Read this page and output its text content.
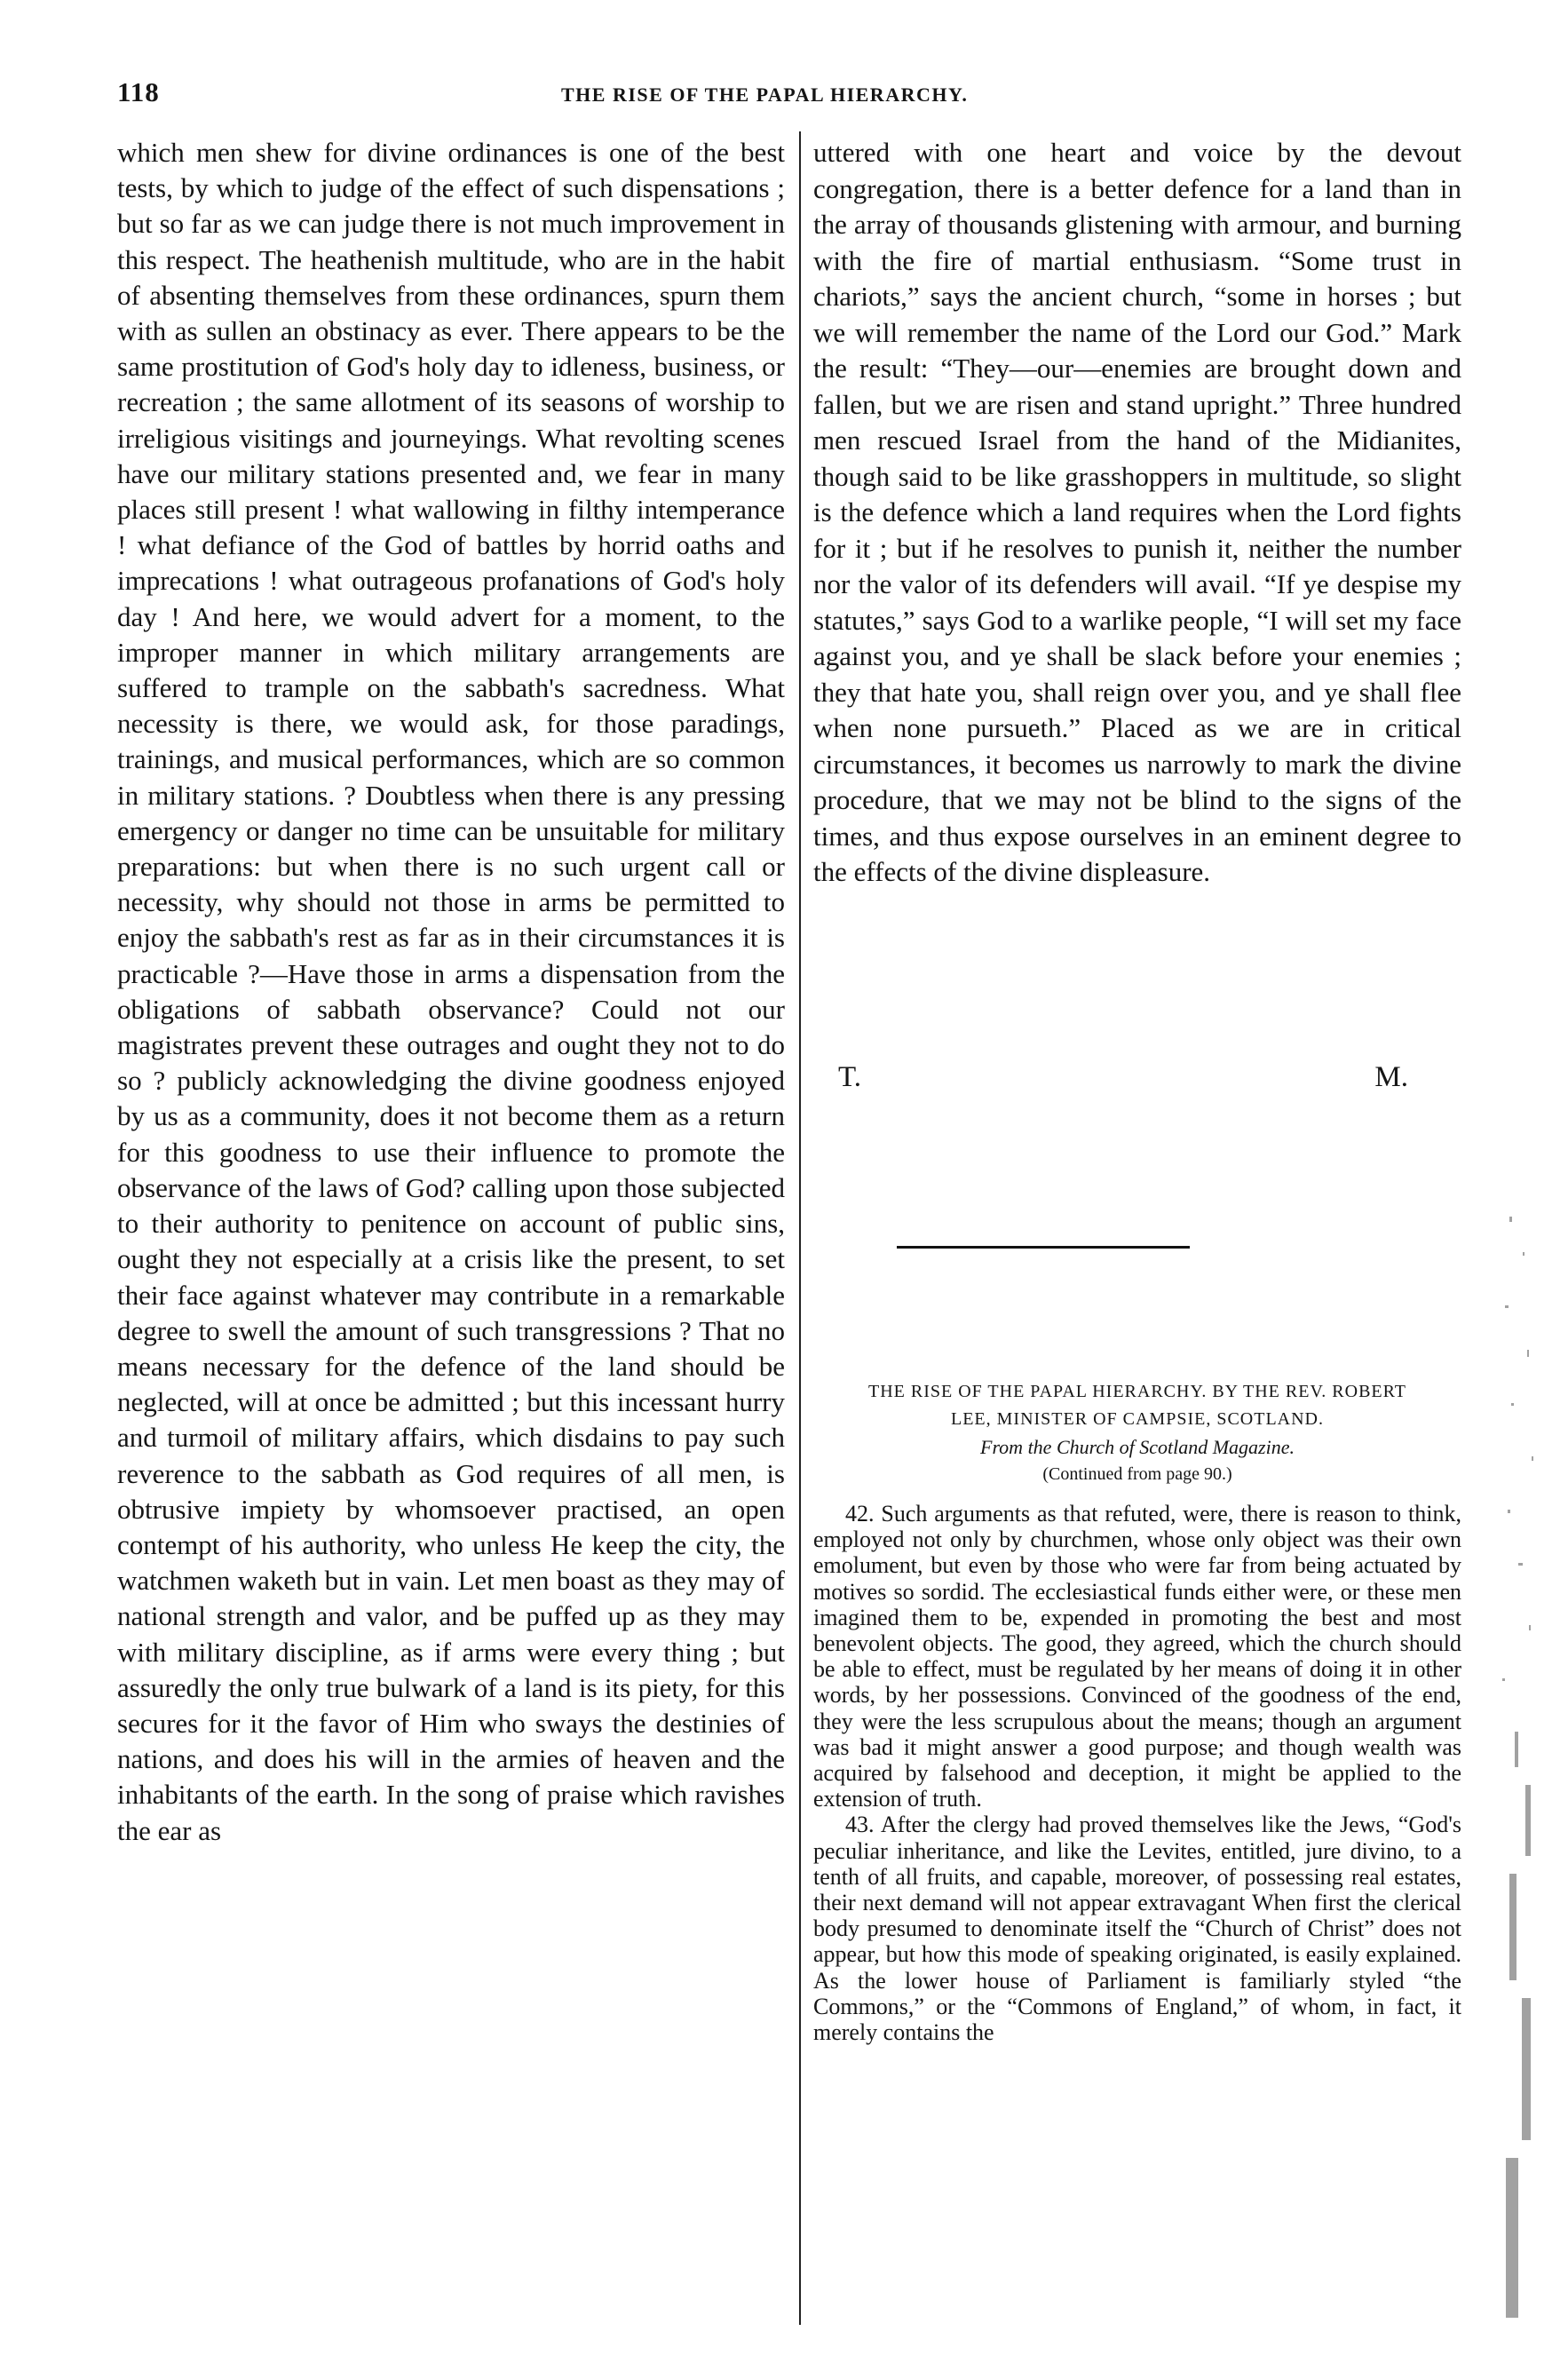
118	THE RISE OF THE PAPAL HIERARCHY.

which men shew for divine ordinances is one of the best tests, by which to judge of the effect of such dispensations ; but so far as we can judge there is not much improvement in this respect. The heathenish multitude, who are in the habit of absenting themselves from these ordinances, spurn them with as sullen an obstinacy as ever. There appears to be the same prostitution of God's holy day to idleness, business, or recreation ; the same allotment of its seasons of worship to irreligious visitings and journeyings. What revolting scenes have our military stations presented and, we fear in many places still present ! what wallowing in filthy intemperance ! what defiance of the God of battles by horrid oaths and imprecations ! what outrageous profanations of God's holy day ! And here, we would advert for a moment, to the improper manner in which military arrangements are suffered to trample on the sabbath's sacredness. What necessity is there, we would ask, for those paradings, trainings, and musical performances, which are so common in military stations. ? Doubtless when there is any pressing emergency or danger no time can be unsuitable for military preparations: but when there is no such urgent call or necessity, why should not those in arms be permitted to enjoy the sabbath's rest as far as in their circumstances it is practicable ?—Have those in arms a dispensation from the obligations of sabbath observance? Could not our magistrates prevent these outrages and ought they not to do so ? publicly acknowledging the divine goodness enjoyed by us as a community, does it not become them as a return for this goodness to use their influence to promote the observance of the laws of God? calling upon those subjected to their authority to penitence on account of public sins, ought they not especially at a crisis like the present, to set their face against whatever may contribute in a remarkable degree to swell the amount of such transgressions ? That no means necessary for the defence of the land should be neglected, will at once be admitted ; but this incessant hurry and turmoil of military affairs, which disdains to pay such reverence to the sabbath as God requires of all men, is obtrusive impiety by whomsoever practised, an open contempt of his authority, who unless He keep the city, the watchmen waketh but in vain. Let men boast as they may of national strength and valor, and be puffed up as they may with military discipline, as if arms were every thing ; but assuredly the only true bulwark of a land is its piety, for this secures for it the favor of Him who sways the destinies of nations, and does his will in the armies of heaven and the inhabitants of the earth. In the song of praise which ravishes the ear as

uttered with one heart and voice by the devout congregation, there is a better defence for a land than in the array of thousands glistening with armour, and burning with the fire of martial enthusiasm. “Some trust in chariots,” says the ancient church, “some in horses ; but we will remember the name of the Lord our God.” Mark the result: “They—our—enemies are brought down and fallen, but we are risen and stand upright.” Three hundred men rescued Israel from the hand of the Midianites, though said to be like grasshoppers in multitude, so slight is the defence which a land requires when the Lord fights for it ; but if he resolves to punish it, neither the number nor the valor of its defenders will avail. “If ye despise my statutes,” says God to a warlike people, “I will set my face against you, and ye shall be slack before your enemies ; they that hate you, shall reign over you, and ye shall flee when none pursueth.” Placed as we are in critical circumstances, it becomes us narrowly to mark the divine procedure, that we may not be blind to the signs of the times, and thus expose ourselves in an eminent degree to the effects of the divine displeasure.

T.	M.
THE RISE OF THE PAPAL HIERARCHY. BY THE REV. ROBERT
LEE, MINISTER OF CAMPSIE, SCOTLAND.
From the Church of Scotland Magazine.
(Continued from page 90.)

42. Such arguments as that refuted, were, there is reason to think, employed not only by churchmen, whose only object was their own emolument, but even by those who were far from being actuated by motives so sordid. The ecclesiastical funds either were, or these men imagined them to be, expended in promoting the best and most benevolent objects. The good, they agreed, which the church should be able to effect, must be regulated by her means of doing it in other words, by her possessions. Convinced of the goodness of the end, they were the less scrupulous about the means; though an argument was bad it might answer a good purpose; and though wealth was acquired by falsehood and deception, it might be applied to the extension of truth.

43. After the clergy had proved themselves like the Jews, “God's peculiar inheritance, and like the Levites, entitled, jure divino, to a tenth of all fruits, and capable, moreover, of possessing real estates, their next demand will not appear extravagant When first the clerical body presumed to denominate itself the “Church of Christ” does not appear, but how this mode of speaking originated, is easily explained. As the lower house of Parliament is familiarly styled “the Commons,” or the “Commons of England,” of whom, in fact, it merely contains the
